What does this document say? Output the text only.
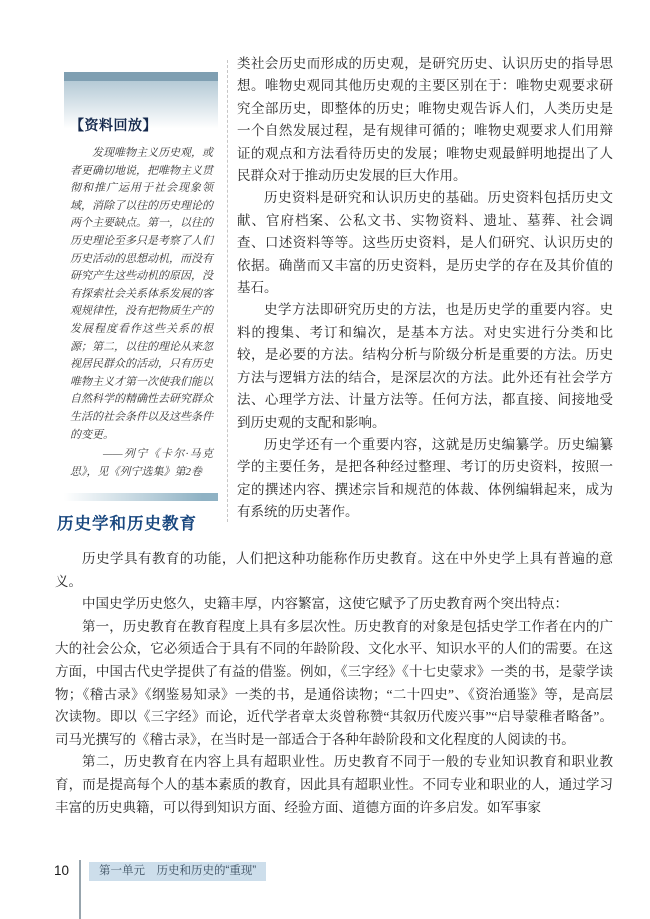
【资料回放】

发现唯物主义历史观，或者更确切地说，把唯物主义贯彻和推广运用于社会现象领域，消除了以往的历史理论的两个主要缺点。第一，以往的历史理论至多只是考察了人们历史活动的思想动机，而没有研究产生这些动机的原因，没有探索社会关系体系发展的客观规律性，没有把物质生产的发展程度看作这些关系的根源；第二，以往的理论从来忽视居民群众的活动，只有历史唯物主义才第一次使我们能以自然科学的精确性去研究群众生活的社会条件以及这些条件的变更。

——列宁《卡尔·马克思》，见《列宁选集》第2卷

类社会历史而形成的历史观，是研究历史、认识历史的指导思想。唯物史观同其他历史观的主要区别在于：唯物史观要求研究全部历史，即整体的历史；唯物史观告诉人们，人类历史是一个自然发展过程，是有规律可循的；唯物史观要求人们用辩证的观点和方法看待历史的发展；唯物史观最鲜明地提出了人民群众对于推动历史发展的巨大作用。

历史资料是研究和认识历史的基础。历史资料包括历史文献、官府档案、公私文书、实物资料、遗址、墓葬、社会调查、口述资料等等。这些历史资料，是人们研究、认识历史的依据。确凿而又丰富的历史资料，是历史学的存在及其价值的基石。

史学方法即研究历史的方法，也是历史学的重要内容。史料的搜集、考订和编次，是基本方法。对史实进行分类和比较，是必要的方法。结构分析与阶级分析是重要的方法。历史方法与逻辑方法的结合，是深层次的方法。此外还有社会学方法、心理学方法、计量方法等。任何方法，都直接、间接地受到历史观的支配和影响。

历史学还有一个重要内容，这就是历史编纂学。历史编纂学的主要任务，是把各种经过整理、考订的历史资料，按照一定的撰述内容、撰述宗旨和规范的体裁、体例编辑起来，成为有系统的历史著作。

历史学和历史教育

历史学具有教育的功能，人们把这种功能称作历史教育。这在中外史学上具有普遍的意义。

中国史学历史悠久，史籍丰厚，内容繁富，这使它赋予了历史教育两个突出特点：

第一，历史教育在教育程度上具有多层次性。历史教育的对象是包括史学工作者在内的广大的社会公众，它必须适合于具有不同的年龄阶段、文化水平、知识水平的人们的需要。在这方面，中国古代史学提供了有益的借鉴。例如，《三字经》《十七史蒙求》一类的书，是蒙学读物；《稽古录》《纲鉴易知录》一类的书，是通俗读物；“二十四史”、《资治通鉴》等，是高层次读物。即以《三字经》而论，近代学者章太炎曾称赞“其叙历代废兴事”“启导蒙稚者略备”。司马光撰写的《稽古录》，在当时是一部适合于各种年龄阶段和文化程度的人阅读的书。

第二，历史教育在内容上具有超职业性。历史教育不同于一般的专业知识教育和职业教育，而是提高每个人的基本素质的教育，因此具有超职业性。不同专业和职业的人，通过学习丰富的历史典籍，可以得到知识方面、经验方面、道德方面的许多启发。如军事家

10	第一单元　历史和历史的“重现”
